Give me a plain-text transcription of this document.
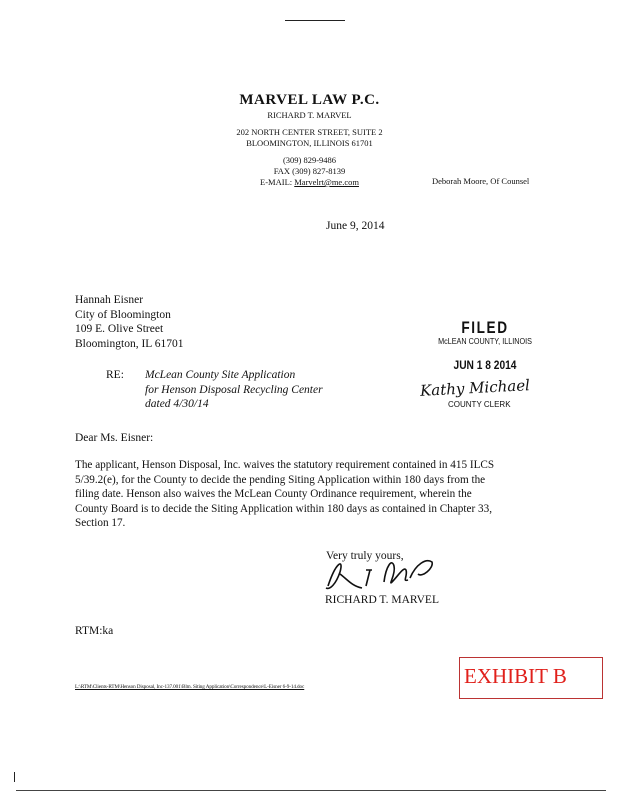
MARVEL LAW P.C.
RICHARD T. MARVEL
202 NORTH CENTER STREET, SUITE 2
BLOOMINGTON, ILLINOIS 61701
(309) 829-9486
FAX (309) 827-8139
E-MAIL: Marvelrt@me.com	Deborah Moore, Of Counsel
June 9, 2014
Hannah Eisner
City of Bloomington
109 E. Olive Street
Bloomington, IL 61701
FILED
McLEAN COUNTY, ILLINOIS
JUN 1 8 2014
Kathy Michael
COUNTY CLERK
RE: McLean County Site Application
for Henson Disposal Recycling Center
dated 4/30/14
Dear Ms. Eisner:
The applicant, Henson Disposal, Inc. waives the statutory requirement contained in 415 ILCS
5/39.2(e), for the County to decide the pending Siting Application within 180 days from the
filing date. Henson also waives the McLean County Ordinance requirement, wherein the
County Board is to decide the Siting Application within 180 days as contained in Chapter 33,
Section 17.
Very truly yours,
RICHARD T. MARVEL
RTM:ka
EXHIBIT B
L:\RTM\Clients-RTM\Henson Disposal, Inc-137.001\Blm. Siting Application\Correspondence\L-Eisner 6-9-14.doc
